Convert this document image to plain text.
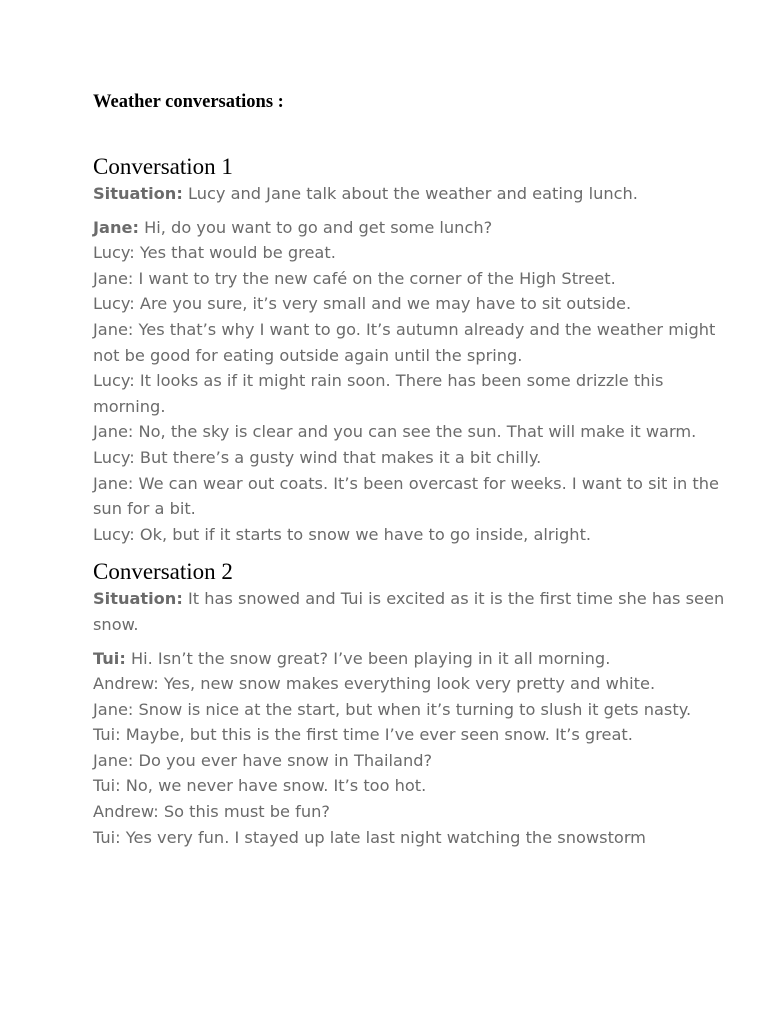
Weather conversations :

Conversation 1

Situation: Lucy and Jane talk about the weather and eating lunch.

Jane: Hi, do you want to go and get some lunch?
Lucy: Yes that would be great.
Jane: I want to try the new café on the corner of the High Street.
Lucy: Are you sure, it’s very small and we may have to sit outside.
Jane: Yes that’s why I want to go. It’s autumn already and the weather might not be good for eating outside again until the spring.
Lucy: It looks as if it might rain soon. There has been some drizzle this morning.
Jane: No, the sky is clear and you can see the sun. That will make it warm.
Lucy: But there’s a gusty wind that makes it a bit chilly.
Jane: We can wear out coats. It’s been overcast for weeks. I want to sit in the sun for a bit.
Lucy: Ok, but if it starts to snow we have to go inside, alright.

Conversation 2

Situation: It has snowed and Tui is excited as it is the first time she has seen snow.

Tui: Hi. Isn’t the snow great? I’ve been playing in it all morning.
Andrew: Yes, new snow makes everything look very pretty and white.
Jane: Snow is nice at the start, but when it’s turning to slush it gets nasty.
Tui: Maybe, but this is the first time I’ve ever seen snow. It’s great.
Jane: Do you ever have snow in Thailand?
Tui: No, we never have snow. It’s too hot.
Andrew: So this must be fun?
Tui: Yes very fun. I stayed up late last night watching the snowstorm
